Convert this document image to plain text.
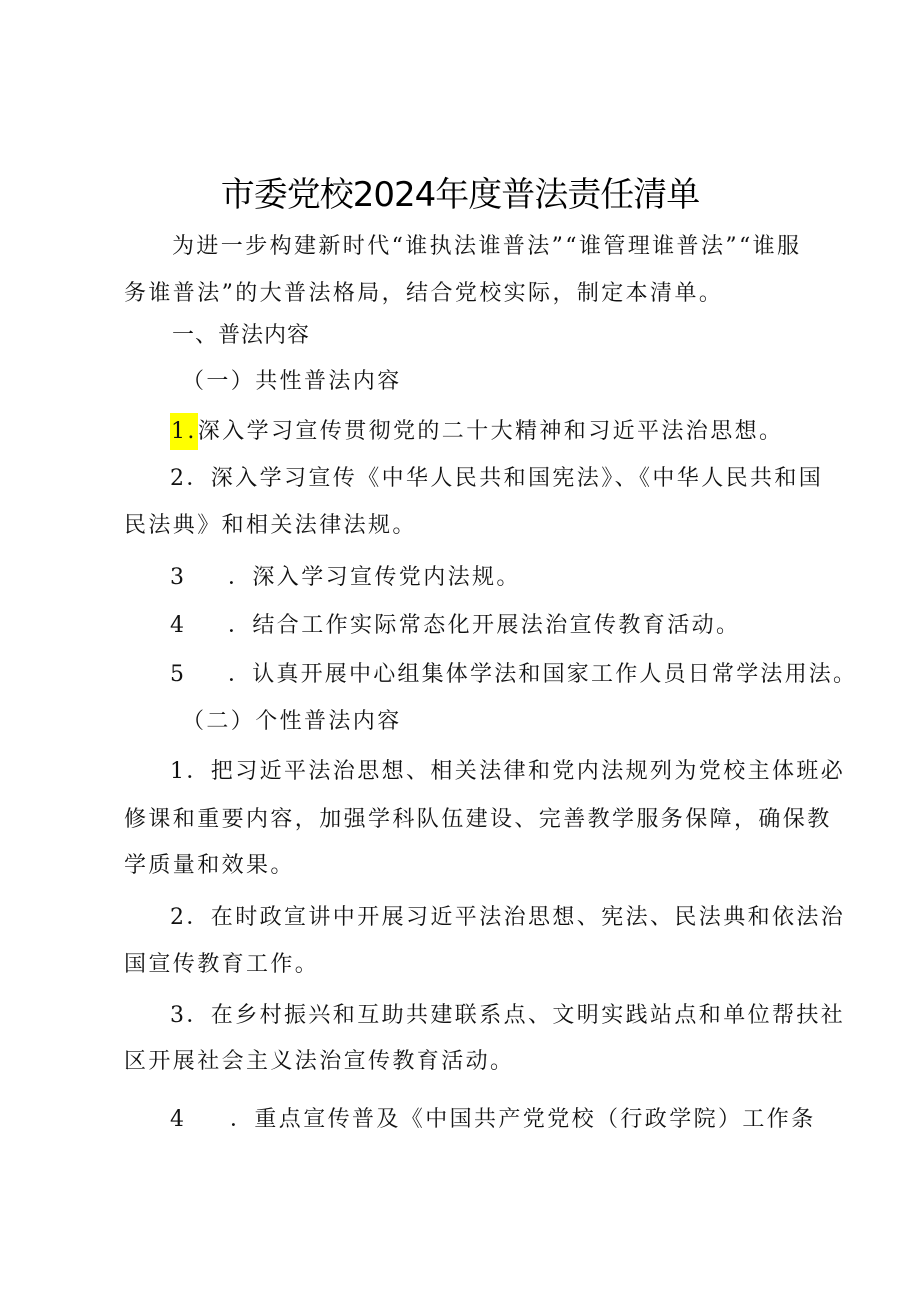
市委党校2024年度普法责任清单
为进一步构建新时代“谁执法谁普法”“谁管理谁普法”“谁服
务谁普法”的大普法格局，结合党校实际，制定本清单。
一、普法内容
（一）共性普法内容
1.深入学习宣传贯彻党的二十大精神和习近平法治思想。
2．深入学习宣传《中华人民共和国宪法》、《中华人民共和国
民法典》和相关法律法规。
3 ．深入学习宣传党内法规。
4 ．结合工作实际常态化开展法治宣传教育活动。
5 ．认真开展中心组集体学法和国家工作人员日常学法用法。
（二）个性普法内容
1．把习近平法治思想、相关法律和党内法规列为党校主体班必
修课和重要内容，加强学科队伍建设、完善教学服务保障，确保教
学质量和效果。
2．在时政宣讲中开展习近平法治思想、宪法、民法典和依法治
国宣传教育工作。
3．在乡村振兴和互助共建联系点、文明实践站点和单位帮扶社
区开展社会主义法治宣传教育活动。
4 ．重点宣传普及《中国共产党党校（行政学院）工作条
